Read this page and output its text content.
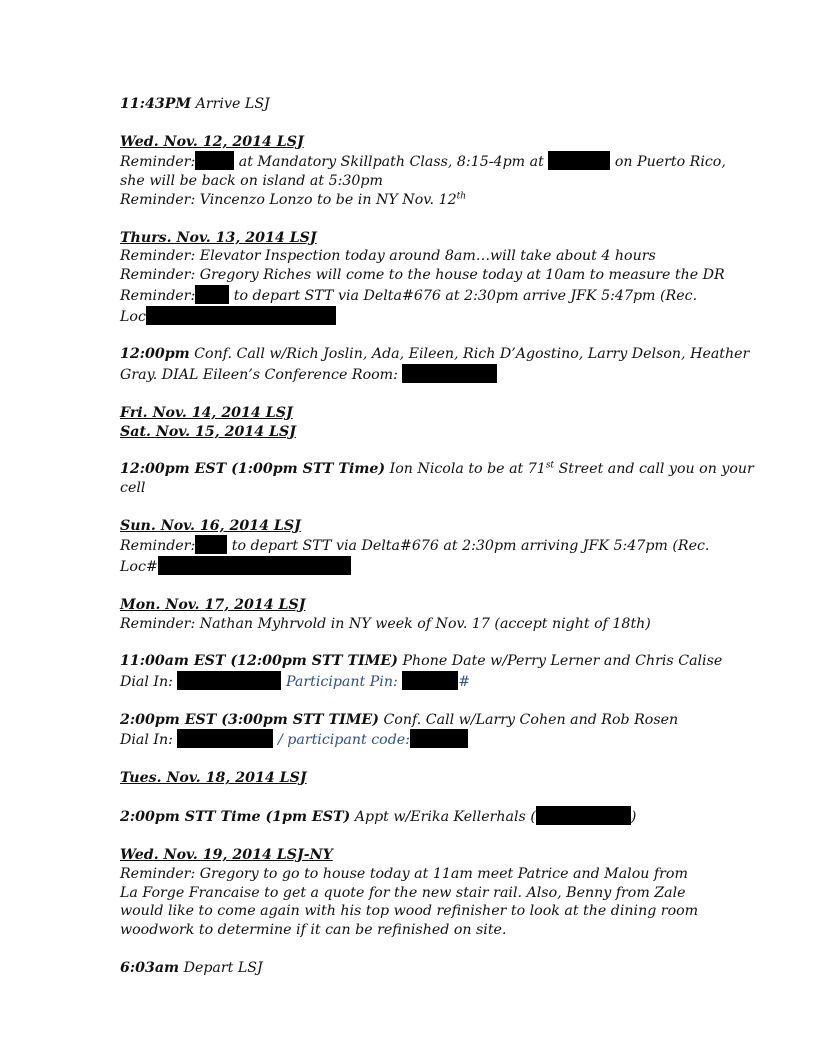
11:43PM Arrive LSJ

Wed. Nov. 12, 2014 LSJ

Reminder:	at Mandatory Skillpath Class, 8:15-4pm at	on Puerto Rico,

she will be back on island at 5:30pm

Reminder: Vincenzo Lonzo to be in NY Nov. 12th

Thurs. Nov. 13, 2014 LSJ

Reminder: Elevator Inspection today around 8am…will take about 4 hours

Reminder: Gregory Riches will come to the house today at 10am to measure the DR

Reminder:	to depart STT via Delta#676 at 2:30pm arrive JFK 5:47pm (Rec.

Loc

12:00pm Conf. Call w/Rich Joslin, Ada, Eileen, Rich D’Agostino, Larry Delson, Heather

Gray. DIAL Eileen’s Conference Room:

Fri. Nov. 14, 2014 LSJ

Sat. Nov. 15, 2014 LSJ

12:00pm EST (1:00pm STT Time) Ion Nicola to be at 71st Street and call you on your

cell

Sun. Nov. 16, 2014 LSJ

Reminder:	to depart STT via Delta#676 at 2:30pm arriving JFK 5:47pm (Rec.

Loc#

Mon. Nov. 17, 2014 LSJ

Reminder: Nathan Myhrvold in NY week of Nov. 17 (accept night of 18th)

11:00am EST (12:00pm STT TIME) Phone Date w/Perry Lerner and Chris Calise

Dial In:	Participant Pin:	#

2:00pm EST (3:00pm STT TIME) Conf. Call w/Larry Cohen and Rob Rosen

Dial In:	/ participant code:

Tues. Nov. 18, 2014 LSJ

2:00pm STT Time (1pm EST) Appt w/Erika Kellerhals (	)

Wed. Nov. 19, 2014 LSJ-NY

Reminder: Gregory to go to house today at 11am meet Patrice and Malou from La Forge Francaise to get a quote for the new stair rail. Also, Benny from Zale would like to come again with his top wood refinisher to look at the dining room woodwork to determine if it can be refinished on site.

6:03am Depart LSJ
